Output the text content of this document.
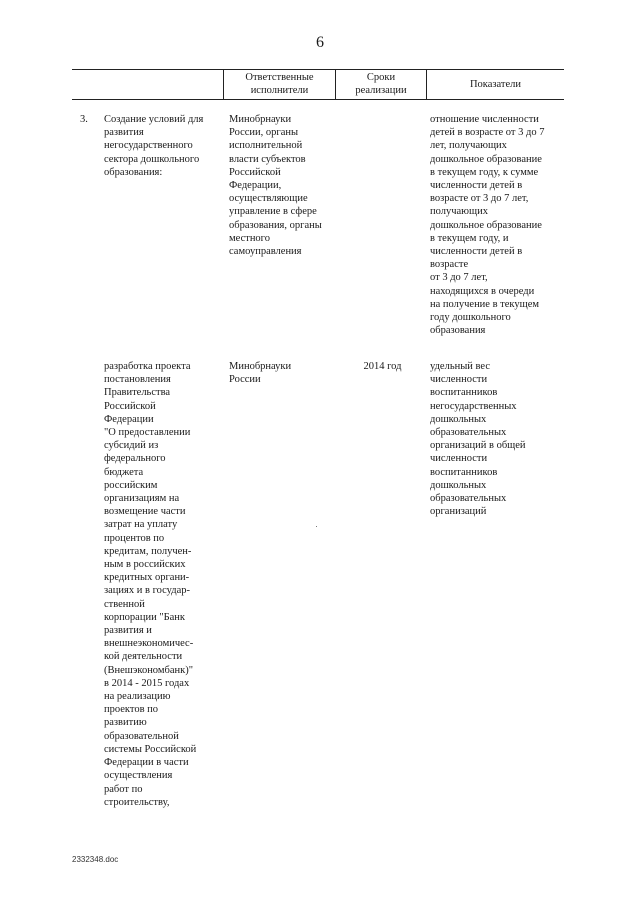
6
Ответственные
исполнители
Сроки
реализации
Показатели
3. Создание условий для
развития
негосударственного
сектора дошкольного
образования:
Минобрнауки
России, органы
исполнительной
власти субъектов
Российской
Федерации,
осуществляющие
управление в сфере
образования, органы
местного
самоуправления
отношение численности
детей в возрасте от 3 до 7
лет, получающих
дошкольное образование
в текущем году, к сумме
численности детей в
возрасте от 3 до 7 лет,
получающих
дошкольное образование
в текущем году, и
численности детей в
возрасте
от 3 до 7 лет,
находящихся в очереди
на получение в текущем
году дошкольного
образования
разработка проекта
постановления
Правительства
Российской
Федерации
"О предоставлении
субсидий из
федерального
бюджета
российским
организациям на
возмещение части
затрат на уплату
процентов по
кредитам, получен-
ным в российских
кредитных органи-
зациях и в государ-
ственной
корпорации "Банк
развития и
внешнеэкономичес-
кой деятельности
(Внешэкономбанк)"
в 2014 - 2015 годах
на реализацию
проектов по
развитию
образовательной
системы Российской
Федерации в части
осуществления
работ по
строительству,
Минобрнауки
России
2014 год	удельный вес
численности
воспитанников
негосударственных
дошкольных
образовательных
организаций в общей
численности
воспитанников
дошкольных
образовательных
организаций
2332348.doc
